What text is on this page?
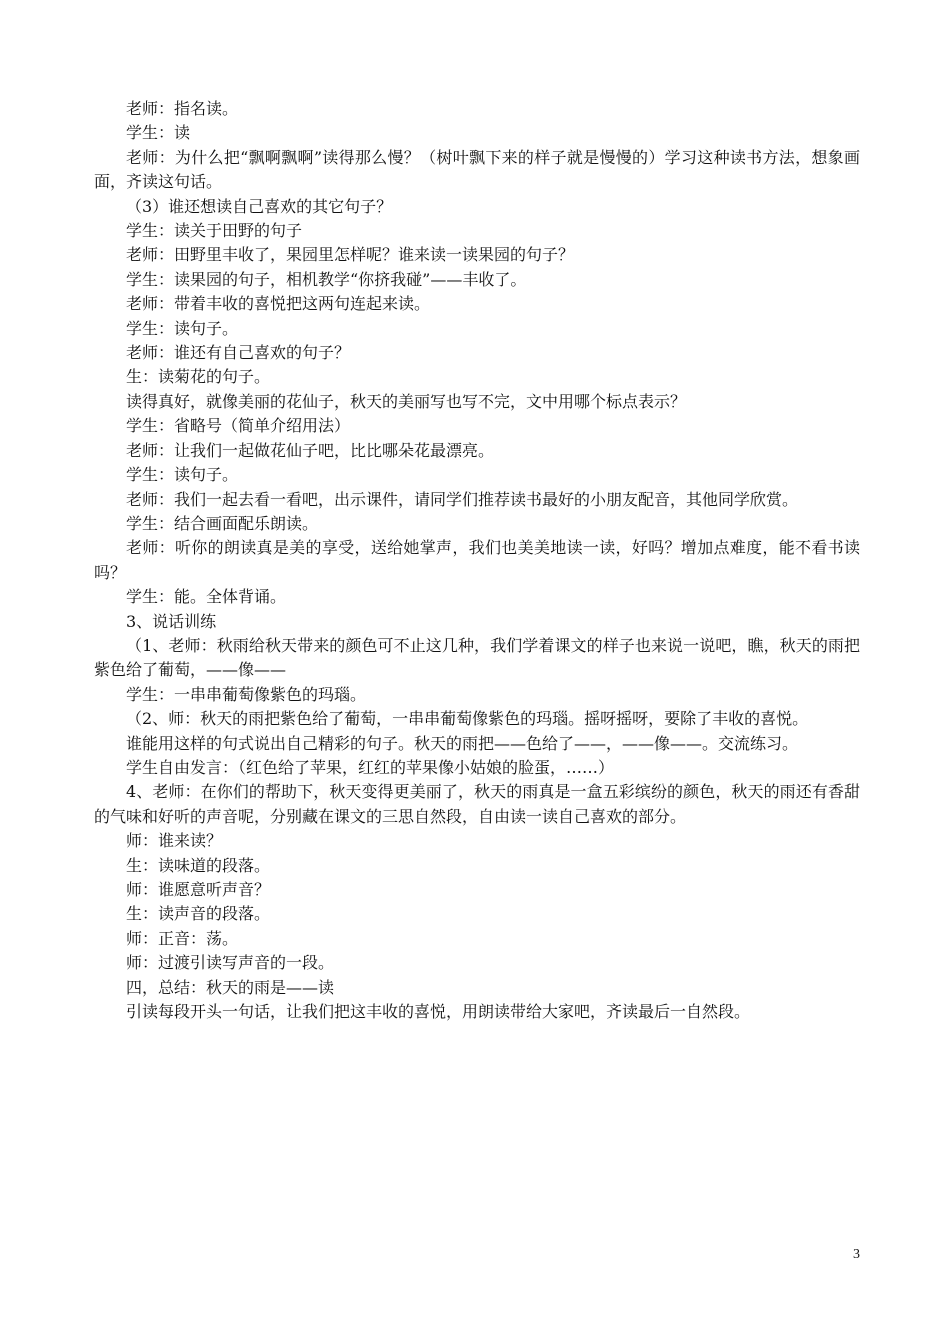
老师：指名读。

学生：读

老师：为什么把“飘啊飘啊”读得那么慢？（树叶飘下来的样子就是慢慢的）学习这种读书方法，想象画面，齐读这句话。

（3）谁还想读自己喜欢的其它句子？

学生：读关于田野的句子

老师：田野里丰收了，果园里怎样呢？谁来读一读果园的句子？

学生：读果园的句子，相机教学“你挤我碰”——丰收了。

老师：带着丰收的喜悦把这两句连起来读。

学生：读句子。

老师：谁还有自己喜欢的句子？

生：读菊花的句子。

读得真好，就像美丽的花仙子，秋天的美丽写也写不完，文中用哪个标点表示？

学生：省略号（简单介绍用法）

老师：让我们一起做花仙子吧，比比哪朵花最漂亮。

学生：读句子。

老师：我们一起去看一看吧，出示课件，请同学们推荐读书最好的小朋友配音，其他同学欣赏。

学生：结合画面配乐朗读。

老师：听你的朗读真是美的享受，送给她掌声，我们也美美地读一读，好吗？增加点难度，能不看书读吗？

学生：能。全体背诵。

3、说话训练

（1、老师：秋雨给秋天带来的颜色可不止这几种，我们学着课文的样子也来说一说吧，瞧，秋天的雨把紫色给了葡萄，——像——

学生：一串串葡萄像紫色的玛瑙。

（2、师：秋天的雨把紫色给了葡萄，一串串葡萄像紫色的玛瑙。摇呀摇呀，要除了丰收的喜悦。

谁能用这样的句式说出自己精彩的句子。秋天的雨把——色给了——，——像——。交流练习。

学生自由发言：（红色给了苹果，红红的苹果像小姑娘的脸蛋，……）

4、老师：在你们的帮助下，秋天变得更美丽了，秋天的雨真是一盒五彩缤纷的颜色，秋天的雨还有香甜的气味和好听的声音呢，分别藏在课文的三思自然段，自由读一读自己喜欢的部分。

师：谁来读？

生：读味道的段落。

师：谁愿意听声音？

生：读声音的段落。

师：正音：荡。

师：过渡引读写声音的一段。

四，总结：秋天的雨是——读

引读每段开头一句话，让我们把这丰收的喜悦，用朗读带给大家吧，齐读最后一自然段。

3
